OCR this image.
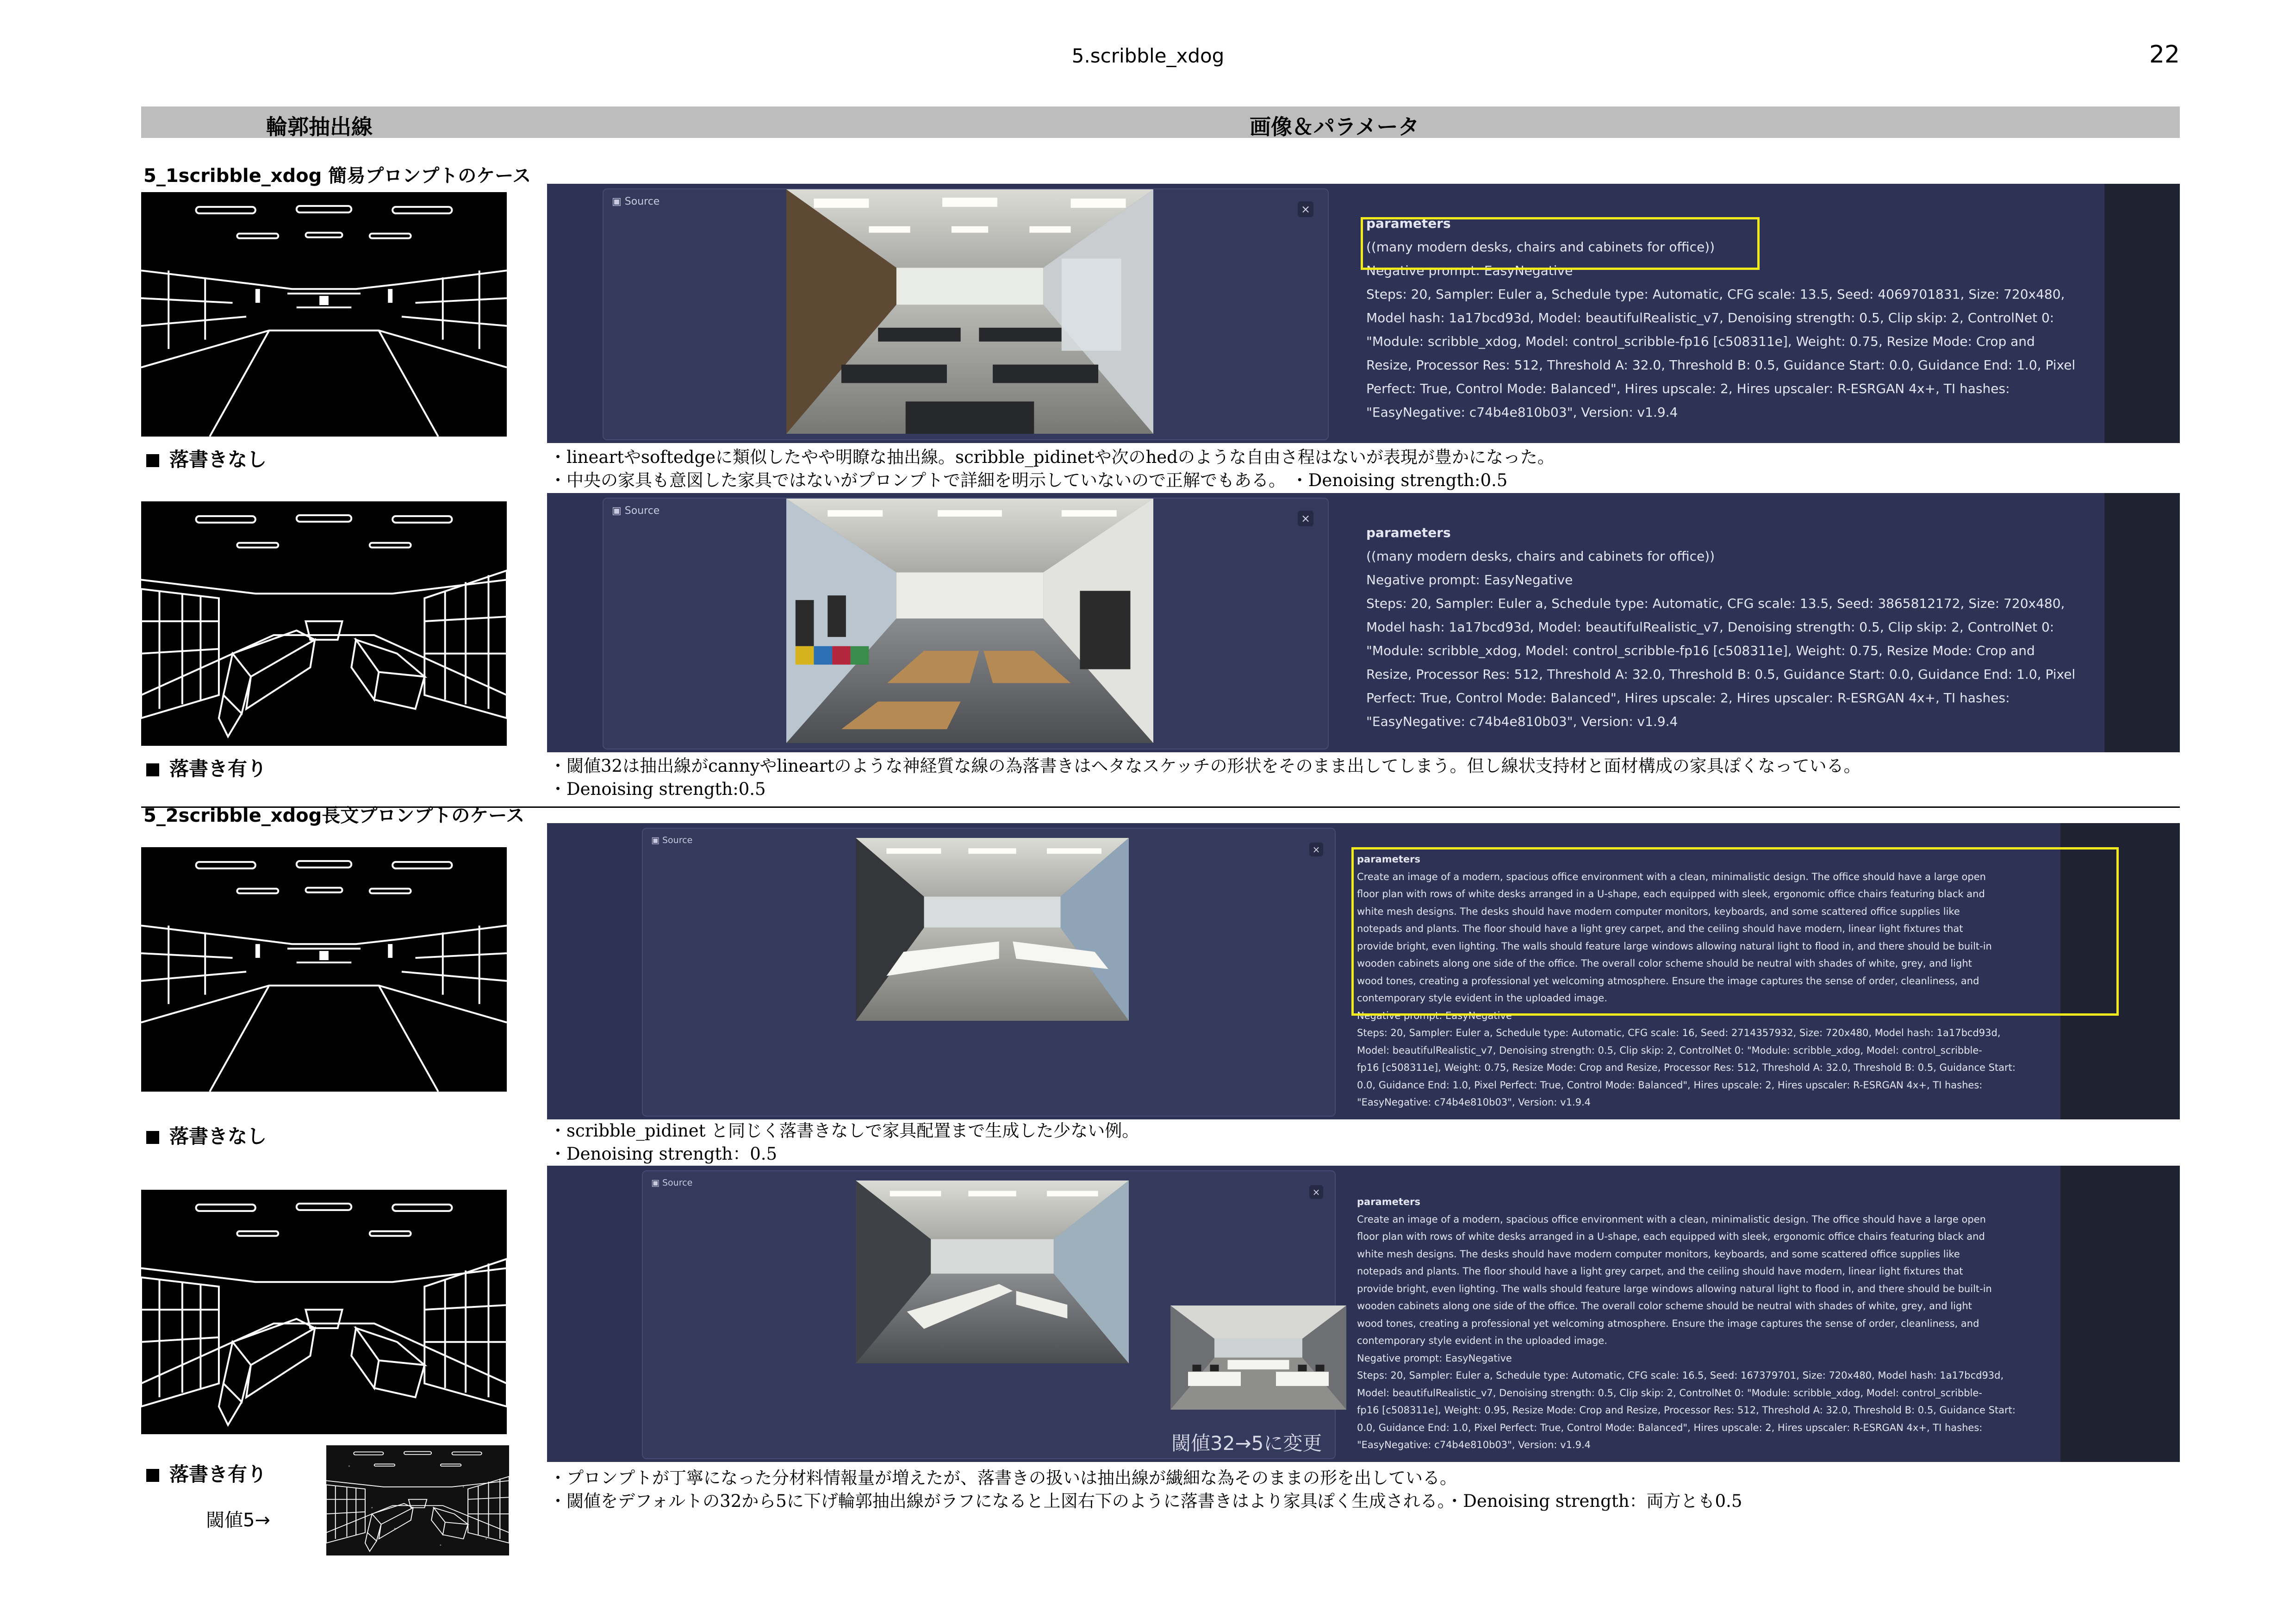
5.scribble_xdog	22
輪郭抽出線	画像＆パラメータ
5_1scribble_xdog 簡易プロンプトのケース
落書きなし
▣ Source
×
parameters
((many modern desks, chairs and cabinets for office))
Negative prompt: EasyNegative
Steps: 20, Sampler: Euler a, Schedule type: Automatic, CFG scale: 13.5, Seed: 4069701831, Size: 720x480,
Model hash: 1a17bcd93d, Model: beautifulRealistic_v7, Denoising strength: 0.5, Clip skip: 2, ControlNet 0:
"Module: scribble_xdog, Model: control_scribble-fp16 [c508311e], Weight: 0.75, Resize Mode: Crop and
Resize, Processor Res: 512, Threshold A: 32.0, Threshold B: 0.5, Guidance Start: 0.0, Guidance End: 1.0, Pixel
Perfect: True, Control Mode: Balanced", Hires upscale: 2, Hires upscaler: R-ESRGAN 4x+, TI hashes:
"EasyNegative: c74b4e810b03", Version: v1.9.4
・lineartやsoftedgeに類似したやや明瞭な抽出線。scribble_pidinetや次のhedのような自由さ程はないが表現が豊かになった。
・中央の家具も意図した家具ではないがプロンプトで詳細を明示していないので正解でもある。 ・Denoising strength:0.5
落書き有り
▣ Source
×
parameters
((many modern desks, chairs and cabinets for office))
Negative prompt: EasyNegative
Steps: 20, Sampler: Euler a, Schedule type: Automatic, CFG scale: 13.5, Seed: 3865812172, Size: 720x480,
Model hash: 1a17bcd93d, Model: beautifulRealistic_v7, Denoising strength: 0.5, Clip skip: 2, ControlNet 0:
"Module: scribble_xdog, Model: control_scribble-fp16 [c508311e], Weight: 0.75, Resize Mode: Crop and
Resize, Processor Res: 512, Threshold A: 32.0, Threshold B: 0.5, Guidance Start: 0.0, Guidance End: 1.0, Pixel
Perfect: True, Control Mode: Balanced", Hires upscale: 2, Hires upscaler: R-ESRGAN 4x+, TI hashes:
"EasyNegative: c74b4e810b03", Version: v1.9.4
・閾値32は抽出線がcannyやlineartのような神経質な線の為落書きはヘタなスケッチの形状をそのまま出してしまう。但し線状支持材と面材構成の家具ぽくなっている。
・Denoising strength:0.5
5_2scribble_xdog長文プロンプトのケース
落書きなし
▣ Source
×
parameters
Create an image of a modern, spacious office environment with a clean, minimalistic design. The office should have a large open
floor plan with rows of white desks arranged in a U-shape, each equipped with sleek, ergonomic office chairs featuring black and
white mesh designs. The desks should have modern computer monitors, keyboards, and some scattered office supplies like
notepads and plants. The floor should have a light grey carpet, and the ceiling should have modern, linear light fixtures that
provide bright, even lighting. The walls should feature large windows allowing natural light to flood in, and there should be built-in
wooden cabinets along one side of the office. The overall color scheme should be neutral with shades of white, grey, and light
wood tones, creating a professional yet welcoming atmosphere. Ensure the image captures the sense of order, cleanliness, and
contemporary style evident in the uploaded image.
Negative prompt: EasyNegative
Steps: 20, Sampler: Euler a, Schedule type: Automatic, CFG scale: 16, Seed: 2714357932, Size: 720x480, Model hash: 1a17bcd93d,
Model: beautifulRealistic_v7, Denoising strength: 0.5, Clip skip: 2, ControlNet 0: "Module: scribble_xdog, Model: control_scribble-
fp16 [c508311e], Weight: 0.75, Resize Mode: Crop and Resize, Processor Res: 512, Threshold A: 32.0, Threshold B: 0.5, Guidance Start:
0.0, Guidance End: 1.0, Pixel Perfect: True, Control Mode: Balanced", Hires upscale: 2, Hires upscaler: R-ESRGAN 4x+, TI hashes:
"EasyNegative: c74b4e810b03", Version: v1.9.4
・scribble_pidinet と同じく落書きなしで家具配置まで生成した少ない例。
・Denoising strength：0.5
落書き有り
閾値5→
▣ Source
×
閾値32→5に変更
parameters
Create an image of a modern, spacious office environment with a clean, minimalistic design. The office should have a large open
floor plan with rows of white desks arranged in a U-shape, each equipped with sleek, ergonomic office chairs featuring black and
white mesh designs. The desks should have modern computer monitors, keyboards, and some scattered office supplies like
notepads and plants. The floor should have a light grey carpet, and the ceiling should have modern, linear light fixtures that
provide bright, even lighting. The walls should feature large windows allowing natural light to flood in, and there should be built-in
wooden cabinets along one side of the office. The overall color scheme should be neutral with shades of white, grey, and light
wood tones, creating a professional yet welcoming atmosphere. Ensure the image captures the sense of order, cleanliness, and
contemporary style evident in the uploaded image.
Negative prompt: EasyNegative
Steps: 20, Sampler: Euler a, Schedule type: Automatic, CFG scale: 16.5, Seed: 167379701, Size: 720x480, Model hash: 1a17bcd93d,
Model: beautifulRealistic_v7, Denoising strength: 0.5, Clip skip: 2, ControlNet 0: "Module: scribble_xdog, Model: control_scribble-
fp16 [c508311e], Weight: 0.95, Resize Mode: Crop and Resize, Processor Res: 512, Threshold A: 32.0, Threshold B: 0.5, Guidance Start:
0.0, Guidance End: 1.0, Pixel Perfect: True, Control Mode: Balanced", Hires upscale: 2, Hires upscaler: R-ESRGAN 4x+, TI hashes:
"EasyNegative: c74b4e810b03", Version: v1.9.4
・プロンプトが丁寧になった分材料情報量が増えたが、落書きの扱いは抽出線が繊細な為そのままの形を出している。
・閾値をデフォルトの32から5に下げ輪郭抽出線がラフになると上図右下のように落書きはより家具ぽく生成される。・Denoising strength：両方とも0.5
